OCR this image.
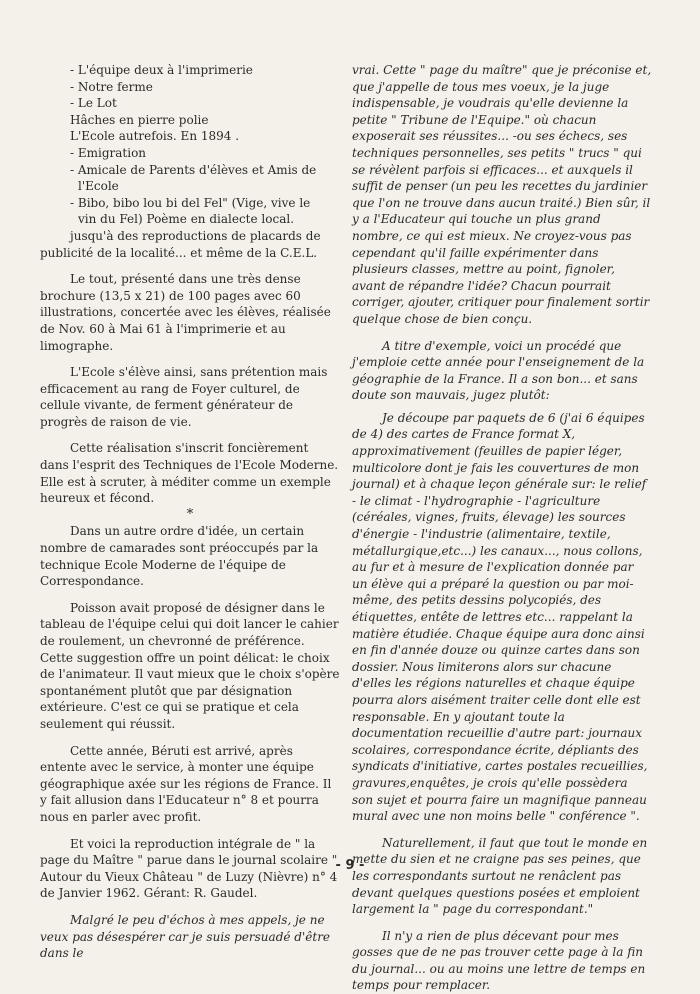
- L'équipe deux à l'imprimerie

- Notre ferme

- Le Lot

Hâches en pierre polie

L'Ecole autrefois. En 1894 .

- Emigration

- Amicale de Parents d'élèves et Amis de

l'Ecole

- Bibo, bibo lou bi del Fel" (Vige, vive le

vin du Fel) Poème en dialecte local.

jusqu'à des reproductions de placards de publicité de la localité... et même de la C.E.L.

Le tout, présenté dans une très dense brochure (13,5 x 21) de 100 pages avec 60 illustrations, concertée avec les élèves, réalisée de Nov. 60 à Mai 61 à l'imprimerie et au limographe.

L'Ecole s'élève ainsi, sans prétention mais efficacement au rang de Foyer culturel, de cellule vivante, de ferment générateur de progrès de raison de vie.

Cette réalisation s'inscrit foncièrement dans l'esprit des Techniques de l'Ecole Moderne. Elle est à scruter, à méditer comme un exemple heureux et fécond.

*

Dans un autre ordre d'idée, un certain nombre de camarades sont préoccupés par la technique Ecole Moderne de l'équipe de Correspondance.

Poisson avait proposé de désigner dans le tableau de l'équipe celui qui doit lancer le cahier de roulement, un chevronné de préférence. Cette suggestion offre un point délicat: le choix de l'animateur. Il vaut mieux que le choix s'opère spontanément plutôt que par désignation extérieure. C'est ce qui se pratique et cela seulement qui réussit.

Cette année, Béruti est arrivé, après entente avec le service, à monter une équipe géographique axée sur les régions de France. Il y fait allusion dans l'Educateur n° 8 et pourra nous en parler avec profit.

Et voici la reproduction intégrale de " la page du Maître " parue dans le journal scolaire " Autour du Vieux Château " de Luzy (Nièvre) n° 4 de Janvier 1962. Gérant: R. Gaudel.

Malgré le peu d'échos à mes appels, je ne veux pas désespérer car je suis persuadé d'être dans le

vrai. Cette " page du maître" que je préconise et, que j'appelle de tous mes voeux, je la juge indispensable, je voudrais qu'elle devienne la petite " Tribune de l'Equipe." où chacun exposerait ses réussites... -ou ses échecs, ses techniques personnelles, ses petits " trucs " qui se révèlent parfois si efficaces... et auxquels il suffit de penser (un peu les recettes du jardinier que l'on ne trouve dans aucun traité.) Bien sûr, il y a l'Educateur qui touche un plus grand nombre, ce qui est mieux. Ne croyez-vous pas cependant qu'il faille expérimenter dans plusieurs classes, mettre au point, fignoler, avant de répandre l'idée? Chacun pourrait corriger, ajouter, critiquer pour finalement sortir quelque chose de bien conçu.

A titre d'exemple, voici un procédé que j'emploie cette année pour l'enseignement de la géographie de la France. Il a son bon... et sans doute son mauvais, jugez plutôt:

Je découpe par paquets de 6 (j'ai 6 équipes de 4) des cartes de France format X, approximativement (feuilles de papier léger, multicolore dont je fais les couvertures de mon journal) et à chaque leçon générale sur: le relief - le climat - l'hydrographie - l'agriculture (céréales, vignes, fruits, élevage) les sources d'énergie - l'industrie (alimentaire, textile, métallurgique,etc...) les canaux..., nous collons, au fur et à mesure de l'explication donnée par un élève qui a préparé la question ou par moi-même, des petits dessins polycopiés, des étiquettes, entête de lettres etc... rappelant la matière étudiée. Chaque équipe aura donc ainsi en fin d'année douze ou quinze cartes dans son dossier. Nous limiterons alors sur chacune d'elles les régions naturelles et chaque équipe pourra alors aisément traiter celle dont elle est responsable. En y ajoutant toute la documentation recueillie d'autre part: journaux scolaires, correspondance écrite, dépliants des syndicats d'initiative, cartes postales recueillies, gravures,enquêtes, je crois qu'elle possèdera son sujet et pourra faire un magnifique panneau mural avec une non moins belle " conférence ".

Naturellement, il faut que tout le monde en mette du sien et ne craigne pas ses peines, que les correspondants surtout ne renâclent pas devant quelques questions posées et emploient largement la " page du correspondant."

Il n'y a rien de plus décevant pour mes gosses que de ne pas trouver cette page à la fin du journal... ou au moins une lettre de temps en temps pour remplacer.

- 9 -
